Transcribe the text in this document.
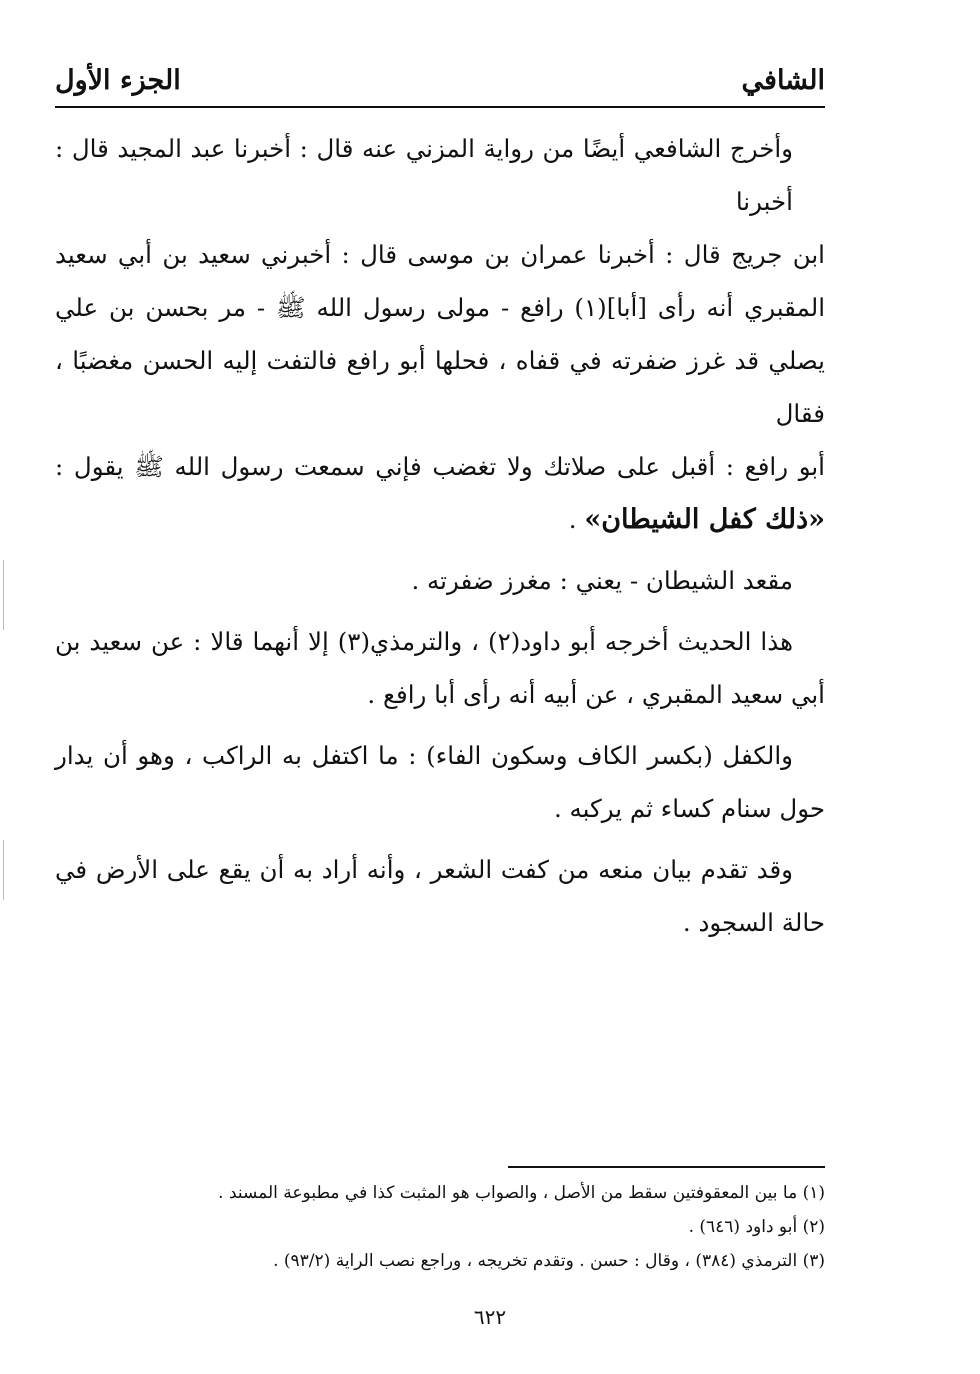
الشافي
الجزء الأول

وأخرج الشافعي أيضًا من رواية المزني عنه قال : أخبرنا عبد المجيد قال : أخبرنا
ابن جريج قال : أخبرنا عمران بن موسى قال : أخبرني سعيد بن أبي سعيد
المقبري أنه رأى [أبا](١) رافع - مولى رسول الله ﷺ - مر بحسن بن علي
يصلي قد غرز ضفرته في قفاه ، فحلها أبو رافع فالتفت إليه الحسن مغضبًا ، فقال
أبو رافع : أقبل على صلاتك ولا تغضب فإني سمعت رسول الله ﷺ يقول :
«ذلك كفل الشيطان» .

مقعد الشيطان - يعني : مغرز ضفرته .

هذا الحديث أخرجه أبو داود(٢) ، والترمذي(٣) إلا أنهما قالا : عن سعيد بن
أبي سعيد المقبري ، عن أبيه أنه رأى أبا رافع .

والكفل (بكسر الكاف وسكون الفاء) : ما اكتفل به الراكب ، وهو أن يدار
حول سنام كساء ثم يركبه .

وقد تقدم بيان منعه من كفت الشعر ، وأنه أراد به أن يقع على الأرض في
حالة السجود .

(١) ما بين المعقوفتين سقط من الأصل ، والصواب هو المثبت كذا في مطبوعة المسند .
(٢) أبو داود (٦٤٦) .
(٣) الترمذي (٣٨٤) ، وقال : حسن . وتقدم تخريجه ، وراجع نصب الراية (٩٣/٢) .
٦٢٢
